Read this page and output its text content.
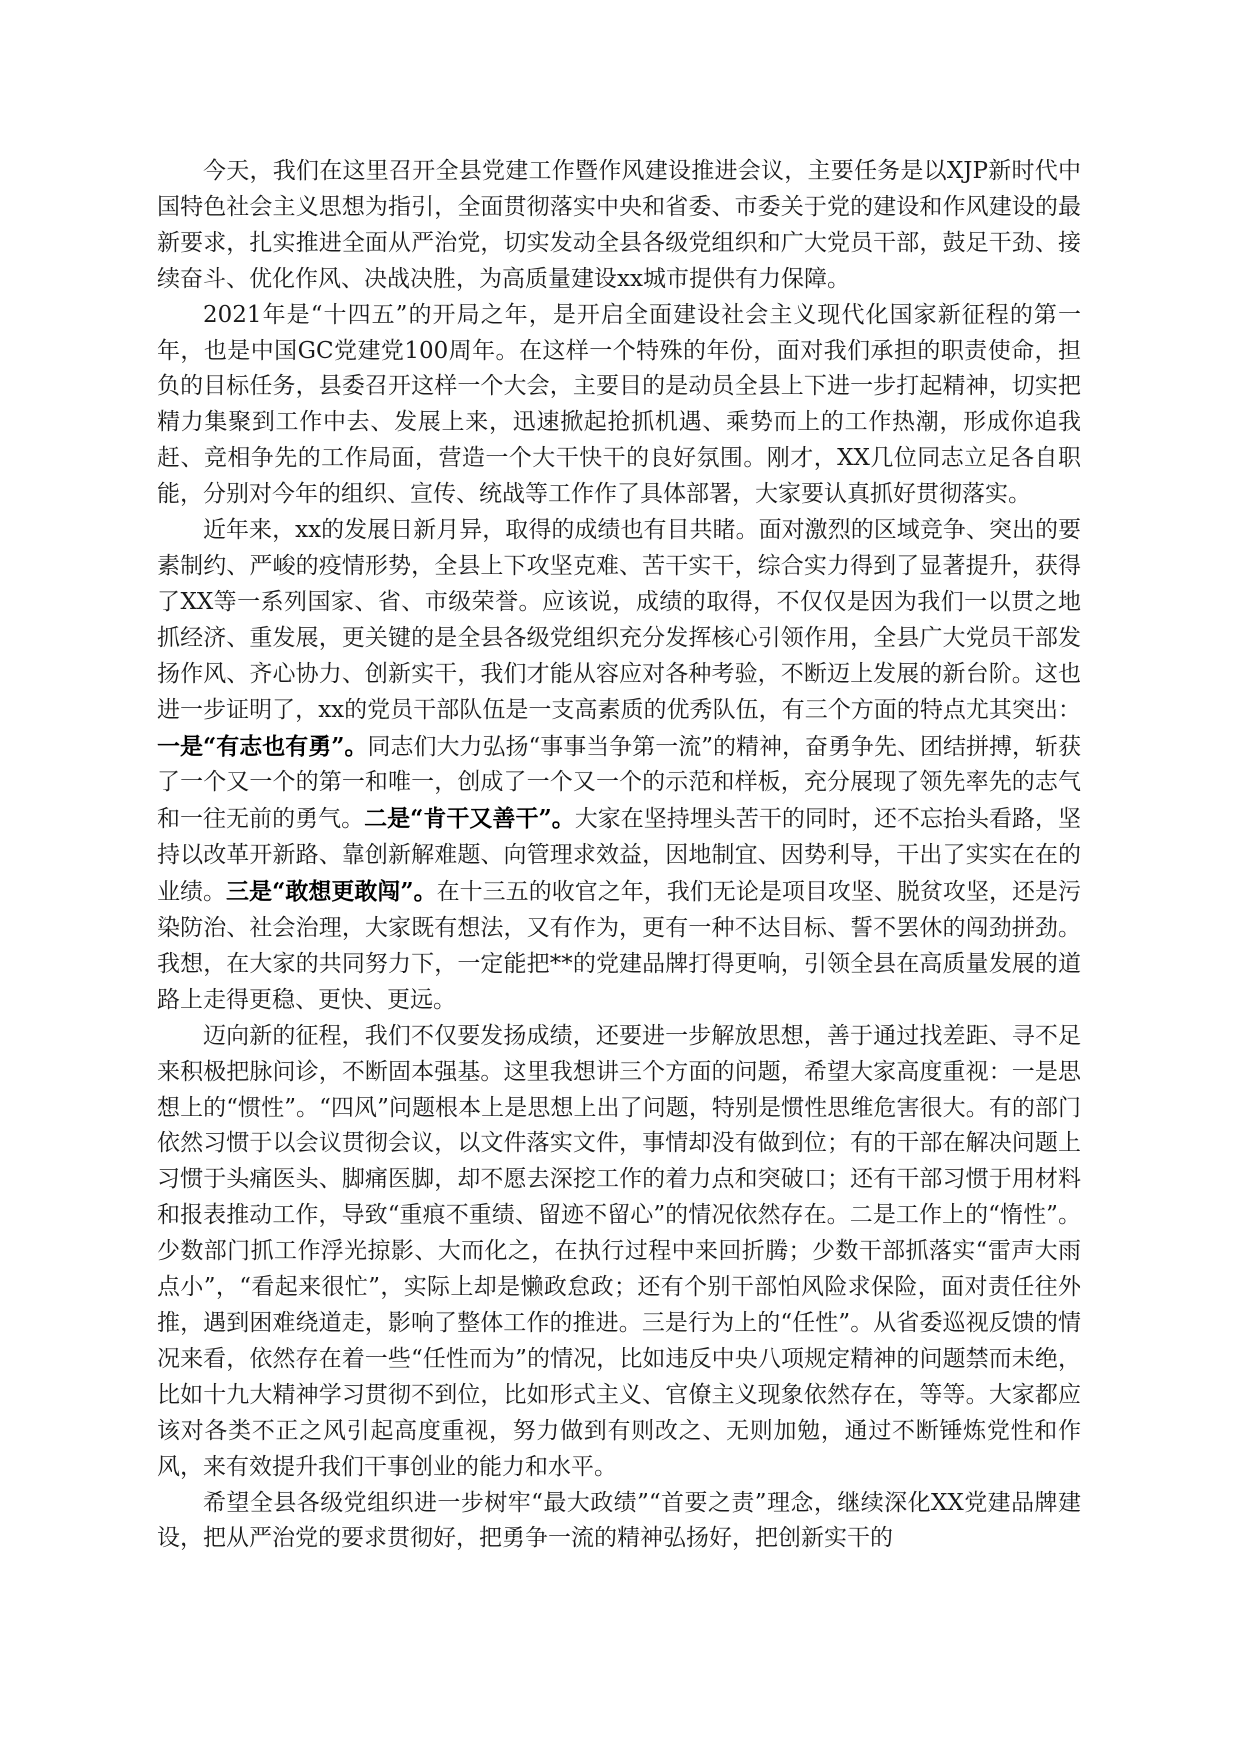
今天，我们在这里召开全县党建工作暨作风建设推进会议，主要任务是以XJP新时代中国特色社会主义思想为指引，全面贯彻落实中央和省委、市委关于党的建设和作风建设的最新要求，扎实推进全面从严治党，切实发动全县各级党组织和广大党员干部，鼓足干劲、接续奋斗、优化作风、决战决胜，为高质量建设xx城市提供有力保障。

2021年是“十四五”的开局之年，是开启全面建设社会主义现代化国家新征程的第一年，也是中国GC党建党100周年。在这样一个特殊的年份，面对我们承担的职责使命，担负的目标任务，县委召开这样一个大会，主要目的是动员全县上下进一步打起精神，切实把精力集聚到工作中去、发展上来，迅速掀起抢抓机遇、乘势而上的工作热潮，形成你追我赶、竞相争先的工作局面，营造一个大干快干的良好氛围。刚才，XX几位同志立足各自职能，分别对今年的组织、宣传、统战等工作作了具体部署，大家要认真抓好贯彻落实。

近年来，xx的发展日新月异，取得的成绩也有目共睹。面对激烈的区域竞争、突出的要素制约、严峻的疫情形势，全县上下攻坚克难、苦干实干，综合实力得到了显著提升，获得了XX等一系列国家、省、市级荣誉。应该说，成绩的取得，不仅仅是因为我们一以贯之地抓经济、重发展，更关键的是全县各级党组织充分发挥核心引领作用，全县广大党员干部发扬作风、齐心协力、创新实干，我们才能从容应对各种考验，不断迈上发展的新台阶。这也进一步证明了，xx的党员干部队伍是一支高素质的优秀队伍，有三个方面的特点尤其突出：一是“有志也有勇”。同志们大力弘扬“事事当争第一流”的精神，奋勇争先、团结拼搏，斩获了一个又一个的第一和唯一，创成了一个又一个的示范和样板，充分展现了领先率先的志气和一往无前的勇气。二是“肯干又善干”。大家在坚持埋头苦干的同时，还不忘抬头看路，坚持以改革开新路、靠创新解难题、向管理求效益，因地制宜、因势利导，干出了实实在在的业绩。三是“敢想更敢闯”。在十三五的收官之年，我们无论是项目攻坚、脱贫攻坚，还是污染防治、社会治理，大家既有想法，又有作为，更有一种不达目标、誓不罢休的闯劲拼劲。我想，在大家的共同努力下，一定能把**的党建品牌打得更响，引领全县在高质量发展的道路上走得更稳、更快、更远。

迈向新的征程，我们不仅要发扬成绩，还要进一步解放思想，善于通过找差距、寻不足来积极把脉问诊，不断固本强基。这里我想讲三个方面的问题，希望大家高度重视：一是思想上的“惯性”。“四风”问题根本上是思想上出了问题，特别是惯性思维危害很大。有的部门依然习惯于以会议贯彻会议，以文件落实文件，事情却没有做到位；有的干部在解决问题上习惯于头痛医头、脚痛医脚，却不愿去深挖工作的着力点和突破口；还有干部习惯于用材料和报表推动工作，导致“重痕不重绩、留迹不留心”的情况依然存在。二是工作上的“惰性”。少数部门抓工作浮光掠影、大而化之，在执行过程中来回折腾；少数干部抓落实“雷声大雨点小”，“看起来很忙”，实际上却是懒政怠政；还有个别干部怕风险求保险，面对责任往外推，遇到困难绕道走，影响了整体工作的推进。三是行为上的“任性”。从省委巡视反馈的情况来看，依然存在着一些“任性而为”的情况，比如违反中央八项规定精神的问题禁而未绝，比如十九大精神学习贯彻不到位，比如形式主义、官僚主义现象依然存在，等等。大家都应该对各类不正之风引起高度重视，努力做到有则改之、无则加勉，通过不断锤炼党性和作风，来有效提升我们干事创业的能力和水平。

希望全县各级党组织进一步树牢“最大政绩”“首要之责”理念，继续深化XX党建品牌建设，把从严治党的要求贯彻好，把勇争一流的精神弘扬好，把创新实干的
